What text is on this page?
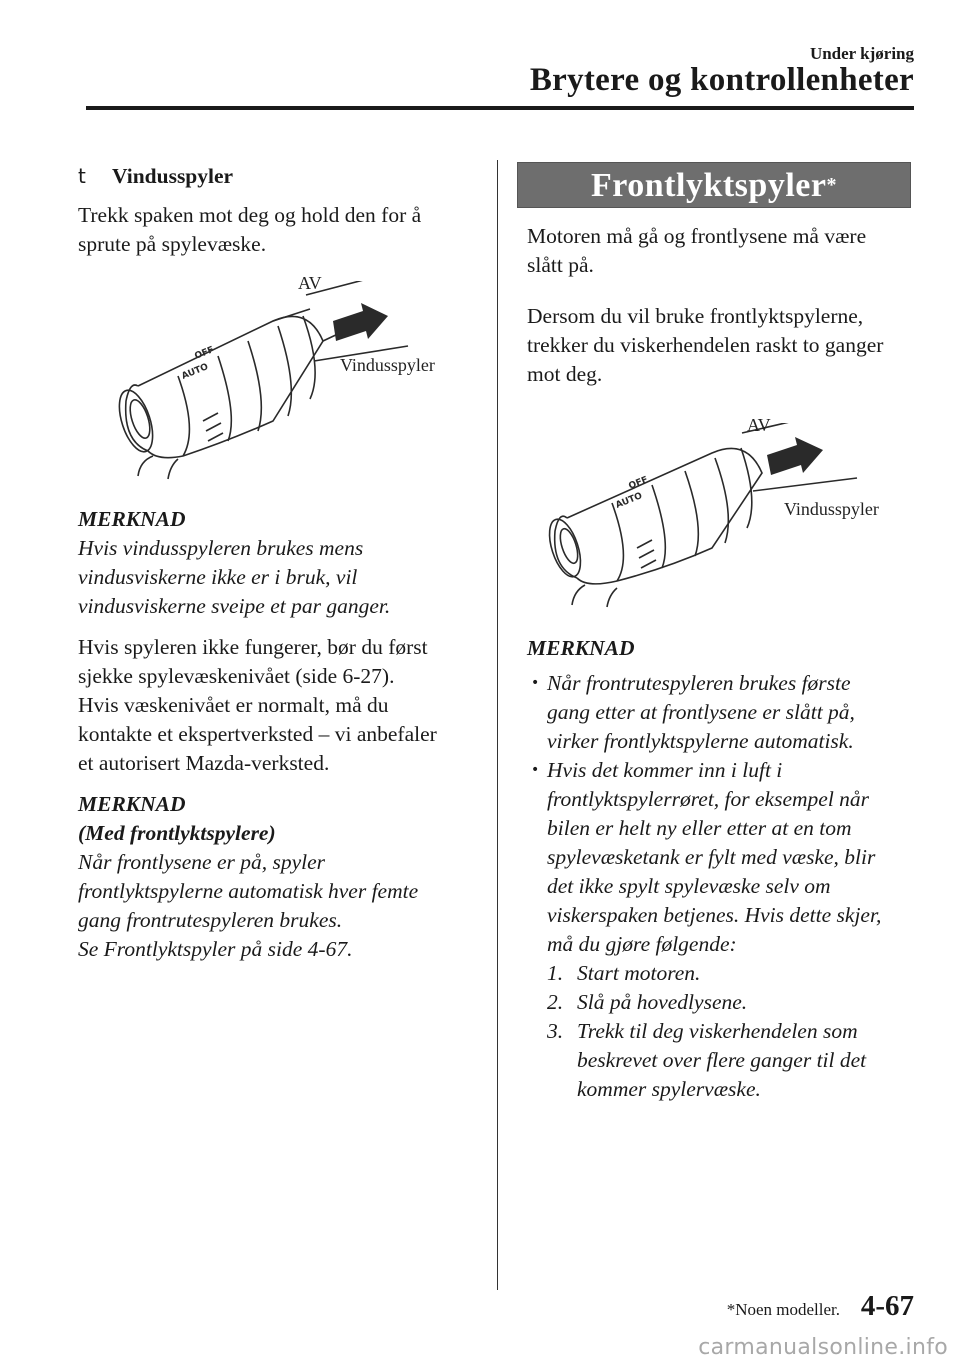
Under kjøring
Brytere og kontrollenheter
t	Vindusspyler

Trekk spaken mot deg og hold den for å
sprute på spylevæske.

AUTO
OFF
AV
Vindusspyler
MERKNAD
Hvis vindusspyleren brukes mens
vindusviskerne ikke er i bruk, vil
vindusviskerne sveipe et par ganger.
Hvis spyleren ikke fungerer, bør du først
sjekke spylevæskenivået (side 6-27).
Hvis væskenivået er normalt, må du
kontakte et ekspertverksted – vi anbefaler
et autorisert Mazda-verksted.
MERKNAD
(Med frontlyktspylere)
Når frontlysene er på, spyler
frontlyktspylerne automatisk hver femte
gang frontrutespyleren brukes.
Se Frontlyktspyler på side 4-67.
Frontlyktspyler *
Motoren må gå og frontlysene må være
slått på.
Dersom du vil bruke frontlyktspylerne,
trekker du viskerhendelen raskt to ganger
mot deg.
AUTO
OFF
AV
Vindusspyler
MERKNAD
• Når frontrutespyleren brukes første
gang etter at frontlysene er slått på,
virker frontlyktspylerne automatisk.
• Hvis det kommer inn i luft i
frontlyktspylerrøret, for eksempel når
bilen er helt ny eller etter at en tom
spylevæsketank er fylt med væske, blir
det ikke spylt spylevæske selv om
viskerspaken betjenes. Hvis dette skjer,
må du gjøre følgende:
1. Start motoren.
2. Slå på hovedlysene.
3. Trekk til deg viskerhendelen som
beskrevet over flere ganger til det
kommer spylervæske.
*Noen modeller. 4-67
carmanualsonline.info
